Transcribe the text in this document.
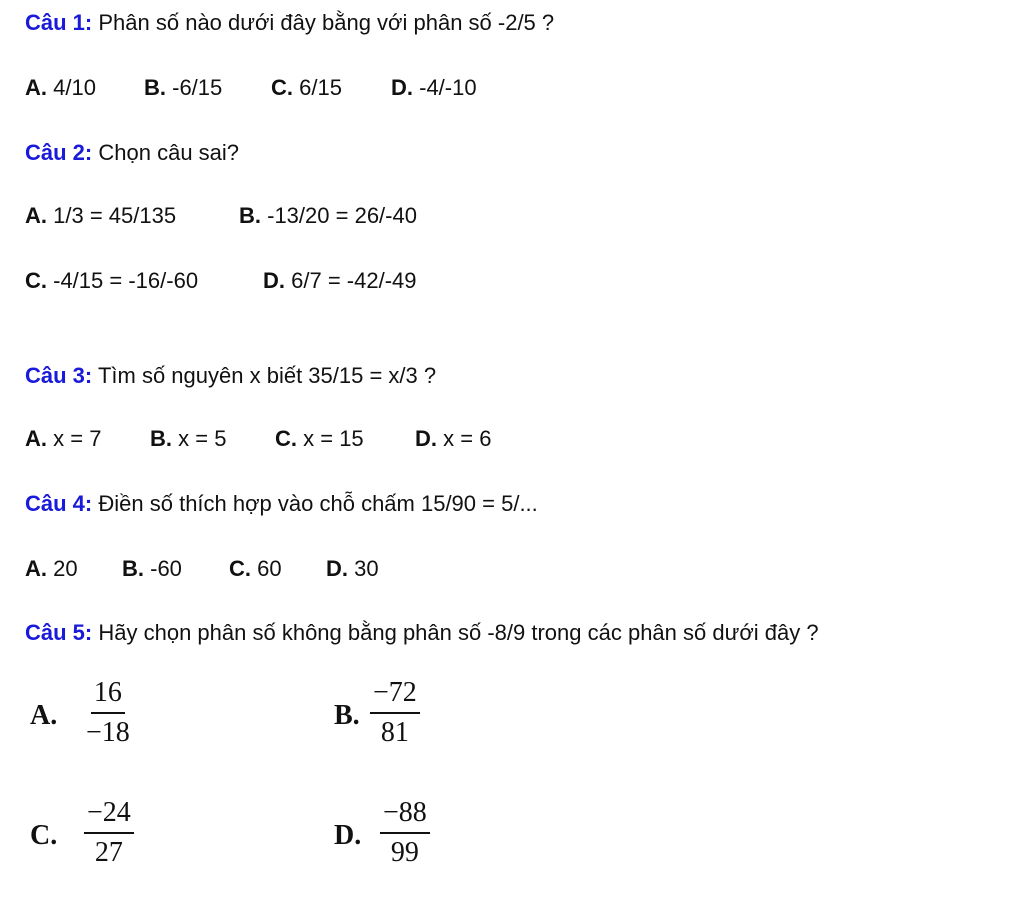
Câu 1: Phân số nào dưới đây bằng với phân số -2/5 ?
A. 4/10 B. -6/15 C. 6/15 D. -4/-10
Câu 2: Chọn câu sai?
A. 1/3 = 45/135	B. -13/20 = 26/-40
C. -4/15 = -16/-60	D. 6/7 = -42/-49
Câu 3: Tìm số nguyên x biết 35/15 = x/3 ?
A. x = 7 B. x = 5 C. x = 15 D. x = 6
Câu 4: Điền số thích hợp vào chỗ chấm 15/90 = 5/...
A. 20 B. -60 C. 60 D. 30
Câu 5: Hãy chọn phân số không bằng phân số -8/9 trong các phân số dưới đây ?
A. $\frac{16}{-18}$	B. $\frac{-72}{81}$
C. $\frac{-24}{27}$	D. $\frac{-88}{99}$
